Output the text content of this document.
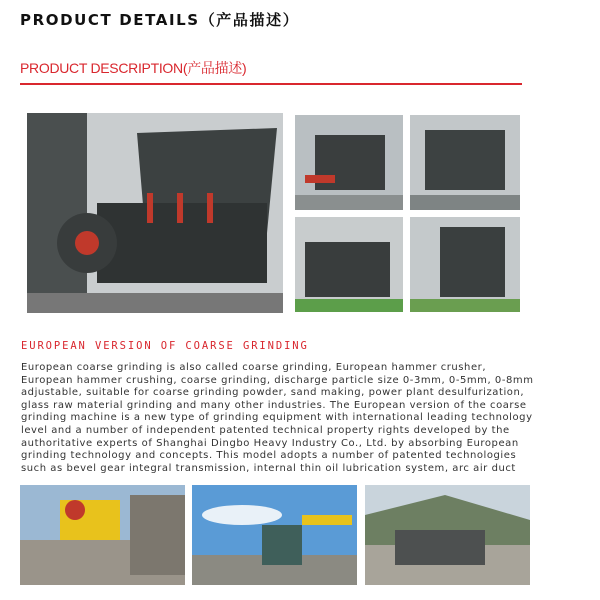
PRODUCT DETAILS（产品描述）
PRODUCT DESCRIPTION(产品描述)
EUROPEAN VERSION OF COARSE GRINDING
European coarse grinding is also called coarse grinding, European hammer crusher,
European hammer crushing, coarse grinding, discharge particle size 0-3mm, 0-5mm, 0-8mm
adjustable, suitable for coarse grinding powder, sand making, power plant desulfurization,
glass raw material grinding and many other industries. The European version of the coarse
grinding machine is a new type of grinding equipment with international leading technology
level and a number of independent patented technical property rights developed by the
authoritative experts of Shanghai Dingbo Heavy Industry Co., Ltd. by absorbing European
grinding technology and concepts. This model adopts a number of patented technologies
such as bevel gear integral transmission, internal thin oil lubrication system, arc air duct
